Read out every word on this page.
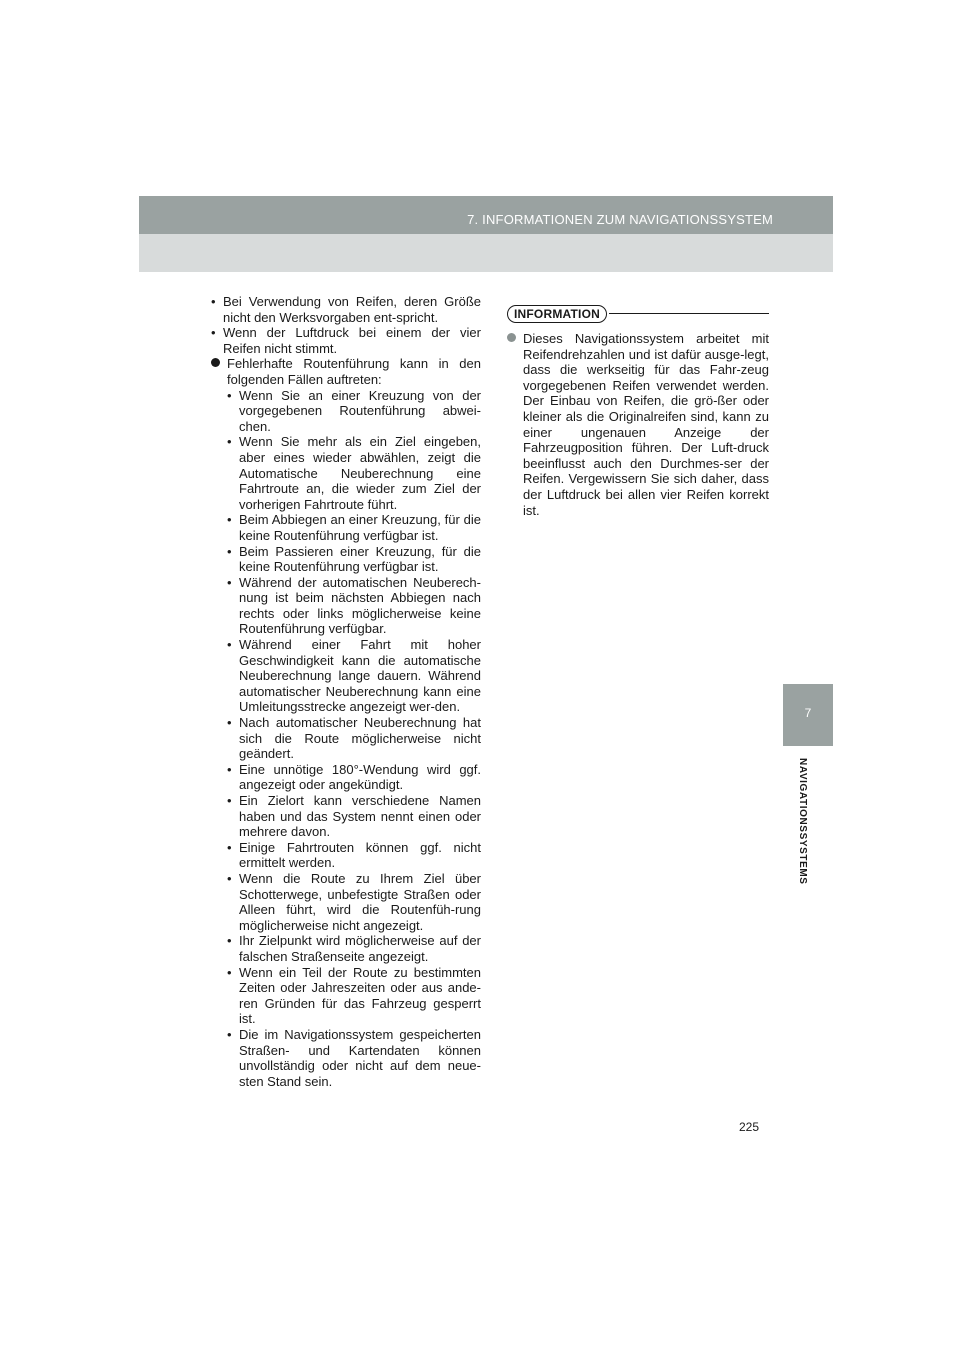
7. INFORMATIONEN ZUM NAVIGATIONSSYSTEM
7
NAVIGATIONSSYSTEMS
• Bei Verwendung von Reifen, deren Größe nicht den Werksvorgaben ent-spricht.
• Wenn der Luftdruck bei einem der vier Reifen nicht stimmt.
Fehlerhafte Routenführung kann in den folgenden Fällen auftreten:
• Wenn Sie an einer Kreuzung von der vorgegebenen Routenführung abwei-chen.
• Wenn Sie mehr als ein Ziel eingeben, aber eines wieder abwählen, zeigt die Automatische Neuberechnung eine Fahrtroute an, die wieder zum Ziel der vorherigen Fahrtroute führt.
• Beim Abbiegen an einer Kreuzung, für die keine Routenführung verfügbar ist.
• Beim Passieren einer Kreuzung, für die keine Routenführung verfügbar ist.
• Während der automatischen Neuberech-nung ist beim nächsten Abbiegen nach rechts oder links möglicherweise keine Routenführung verfügbar.
• Während einer Fahrt mit hoher Geschwindigkeit kann die automatische Neuberechnung lange dauern. Während automatischer Neuberechnung kann eine Umleitungsstrecke angezeigt wer-den.
• Nach automatischer Neuberechnung hat sich die Route möglicherweise nicht geändert.
• Eine unnötige 180°-Wendung wird ggf. angezeigt oder angekündigt.
• Ein Zielort kann verschiedene Namen haben und das System nennt einen oder mehrere davon.
• Einige Fahrtrouten können ggf. nicht ermittelt werden.
• Wenn die Route zu Ihrem Ziel über Schotterwege, unbefestigte Straßen oder Alleen führt, wird die Routenfüh-rung möglicherweise nicht angezeigt.
• Ihr Zielpunkt wird möglicherweise auf der falschen Straßenseite angezeigt.
• Wenn ein Teil der Route zu bestimmten Zeiten oder Jahreszeiten oder aus ande-ren Gründen für das Fahrzeug gesperrt ist.
• Die im Navigationssystem gespeicherten Straßen- und Kartendaten können unvollständig oder nicht auf dem neue-sten Stand sein.
INFORMATION
Dieses Navigationssystem arbeitet mit Reifendrehzahlen und ist dafür ausge-legt, dass die werkseitig für das Fahr-zeug vorgegebenen Reifen verwendet werden. Der Einbau von Reifen, die grö-ßer oder kleiner als die Originalreifen sind, kann zu einer ungenauen Anzeige der Fahrzeugposition führen. Der Luft-druck beeinflusst auch den Durchmes-ser der Reifen. Vergewissern Sie sich daher, dass der Luftdruck bei allen vier Reifen korrekt ist.
225
